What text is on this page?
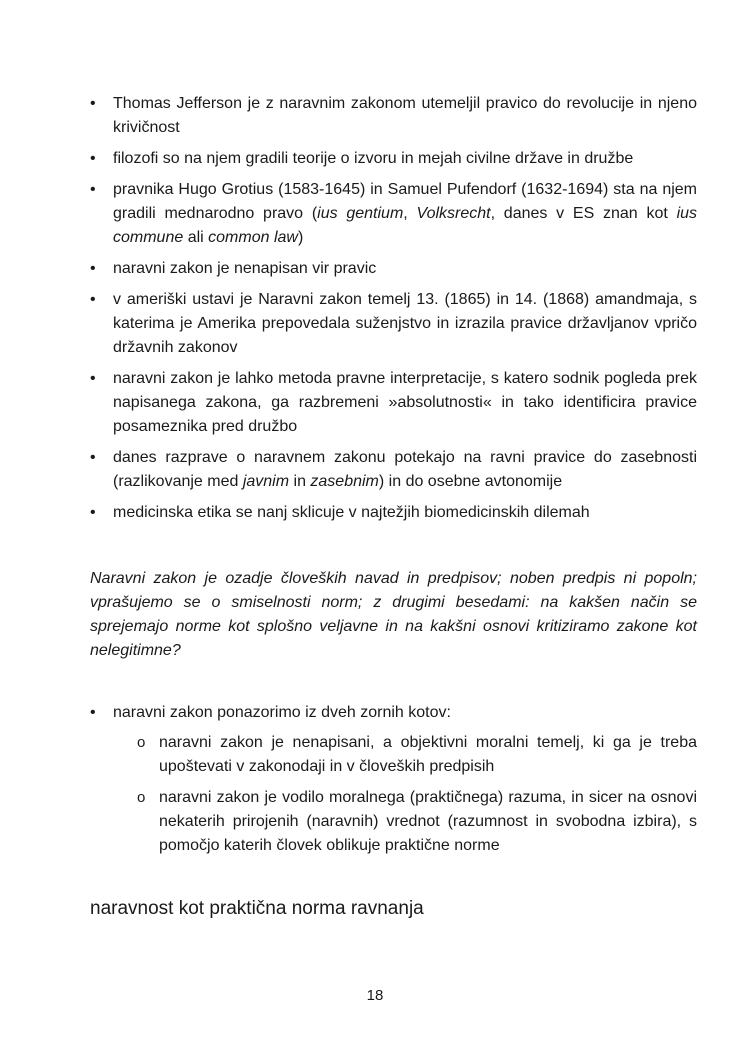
• Thomas Jefferson je z naravnim zakonom utemeljil pravico do revolucije in njeno krivičnost
• filozofi so na njem gradili teorije o izvoru in mejah civilne države in družbe
• pravnika Hugo Grotius (1583-1645) in Samuel Pufendorf (1632-1694) sta na njem gradili mednarodno pravo (ius gentium, Volksrecht, danes v ES znan kot ius commune ali common law)
• naravni zakon je nenapisan vir pravic
• v ameriški ustavi je Naravni zakon temelj 13. (1865) in 14. (1868) amandmaja, s katerima je Amerika prepovedala suženjstvo in izrazila pravice državljanov vpričo državnih zakonov
• naravni zakon je lahko metoda pravne interpretacije, s katero sodnik pogleda prek napisanega zakona, ga razbremeni »absolutnosti« in tako identificira pravice posameznika pred družbo
• danes razprave o naravnem zakonu potekajo na ravni pravice do zasebnosti (razlikovanje med javnim in zasebnim) in do osebne avtonomije
• medicinska etika se nanj sklicuje v najtežjih biomedicinskih dilemah

Naravni zakon je ozadje človeških navad in predpisov; noben predpis ni popoln; vprašujemo se o smiselnosti norm; z drugimi besedami: na kakšen način se sprejemajo norme kot splošno veljavne in na kakšni osnovi kritiziramo zakone kot nelegitimne?

• naravni zakon ponazorimo iz dveh zornih kotov:
o naravni zakon je nenapisani, a objektivni moralni temelj, ki ga je treba upoštevati v zakonodaji in v človeških predpisih
o naravni zakon je vodilo moralnega (praktičnega) razuma, in sicer na osnovi nekaterih prirojenih (naravnih) vrednot (razumnost in svobodna izbira), s pomočjo katerih človek oblikuje praktične norme
naravnost kot praktična norma ravnanja
18
